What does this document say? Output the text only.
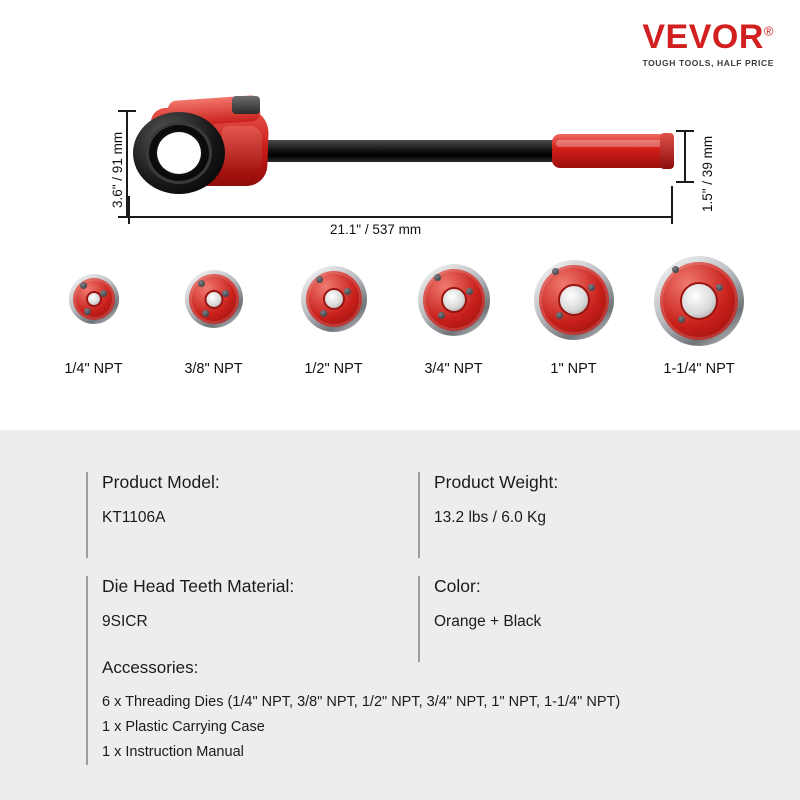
VEVOR®
TOUGH TOOLS, HALF PRICE
3.6" / 91 mm
21.1" / 537 mm
1.5" / 39 mm
1/4" NPT	3/8" NPT	1/2" NPT	3/4" NPT	1" NPT	1-1/4" NPT
Product Model:
KT1106A
Product Weight:
13.2 lbs / 6.0 Kg
Die Head Teeth Material:
9SICR
Color:
Orange + Black
Accessories:
6 x Threading Dies (1/4" NPT, 3/8" NPT, 1/2" NPT, 3/4" NPT, 1" NPT, 1-1/4" NPT)
1 x Plastic Carrying Case
1 x Instruction Manual
